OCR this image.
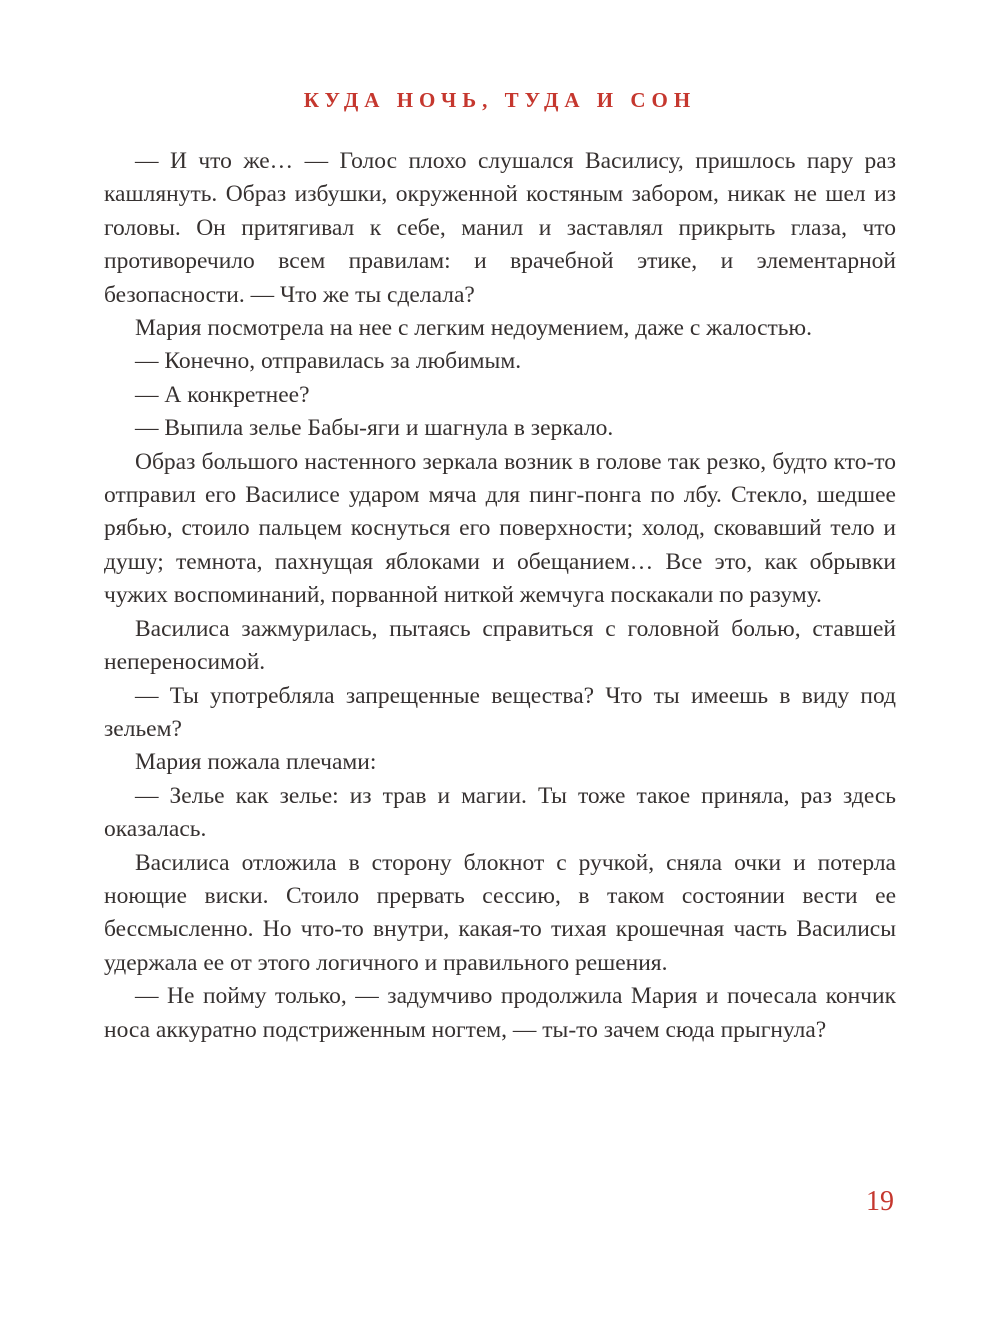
КУДА НОЧЬ, ТУДА И СОН

— И что же… — Голос плохо слушался Василису, пришлось пару раз кашлянуть. Образ избушки, окруженной костяным забором, никак не шел из головы. Он притягивал к себе, манил и заставлял прикрыть глаза, что противоречило всем правилам: и врачебной этике, и элементарной безопасности. — Что же ты сделала?

Мария посмотрела на нее с легким недоумением, даже с жалостью.

— Конечно, отправилась за любимым.

— А конкретнее?

— Выпила зелье Бабы-яги и шагнула в зеркало.

Образ большого настенного зеркала возник в голове так резко, будто кто-то отправил его Василисе ударом мяча для пинг-понга по лбу. Стекло, шедшее рябью, стоило пальцем коснуться его поверхности; холод, сковавший тело и душу; темнота, пахнущая яблоками и обещанием… Все это, как обрывки чужих воспоминаний, порванной ниткой жемчуга поскакали по разуму.

Василиса зажмурилась, пытаясь справиться с головной болью, ставшей непереносимой.

— Ты употребляла запрещенные вещества? Что ты имеешь в виду под зельем?

Мария пожала плечами:

— Зелье как зелье: из трав и магии. Ты тоже такое приняла, раз здесь оказалась.

Василиса отложила в сторону блокнот с ручкой, сняла очки и потерла ноющие виски. Стоило прервать сессию, в таком состоянии вести ее бессмысленно. Но что-то внутри, какая-то тихая крошечная часть Василисы удержала ее от этого логичного и правильного решения.

— Не пойму только, — задумчиво продолжила Мария и почесала кончик носа аккуратно подстриженным ногтем, — ты-то зачем сюда прыгнула?

19
